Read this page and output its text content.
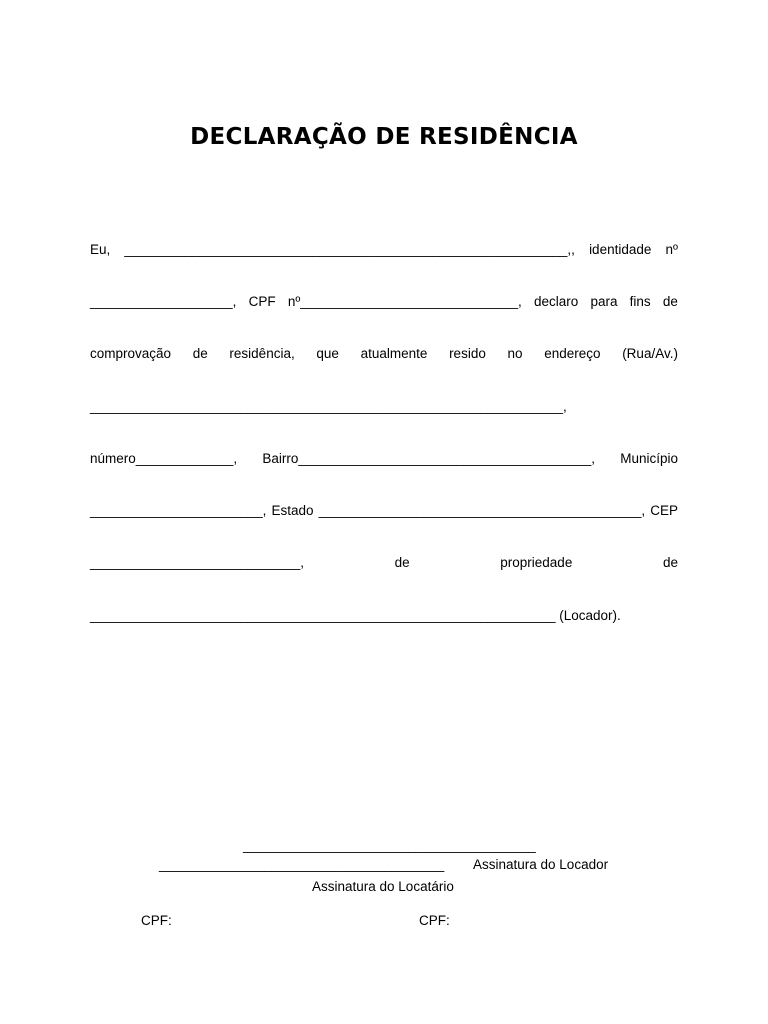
DECLARAÇÃO DE RESIDÊNCIA
Eu, ___________________________________________________________,, identidade nº
___________________, CPF nº_____________________________, declaro para fins de
comprovação de residência, que atualmente resido no endereço (Rua/Av.)
_______________________________________________________________,
número_____________, Bairro_______________________________________, Município
_______________________, Estado ___________________________________________, CEP
____________________________,	de	propriedade	de
______________________________________________________________ (Locador).
_______________________________________
______________________________________ Assinatura do Locador
Assinatura do Locatário
CPF:	CPF:
